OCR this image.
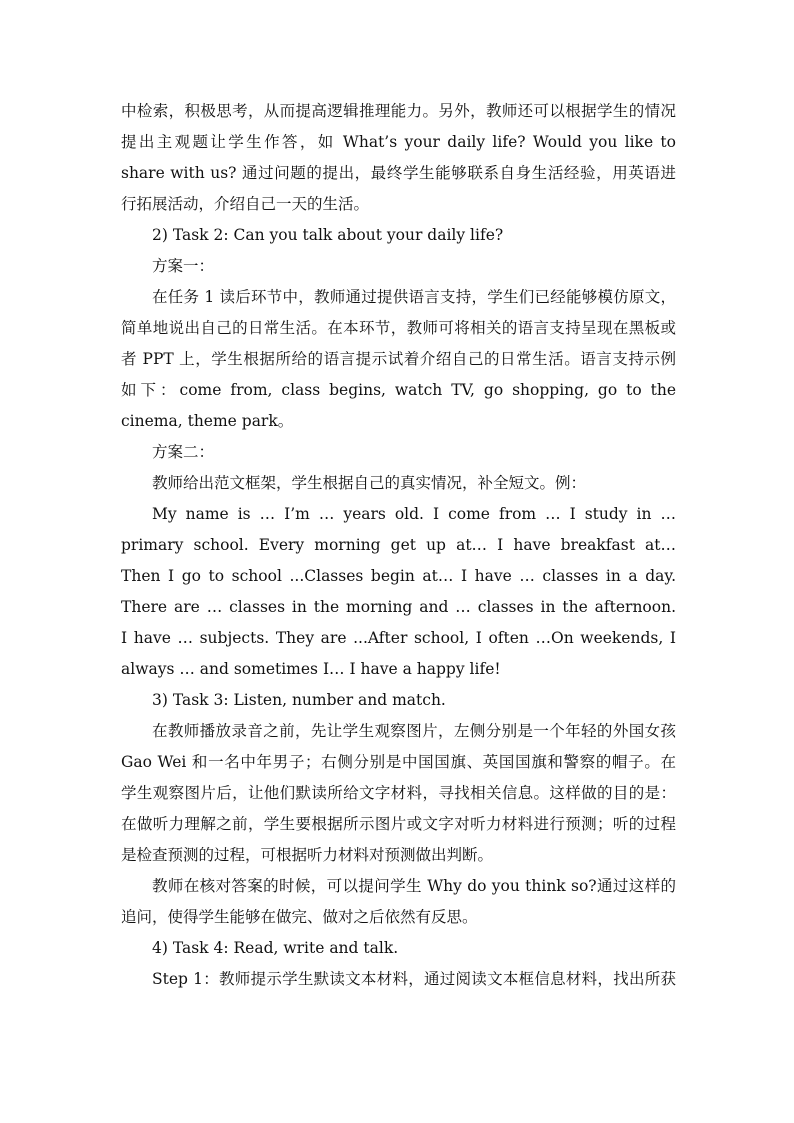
中检索，积极思考，从而提高逻辑推理能力。另外，教师还可以根据学生的情况
提出主观题让学生作答，如 What’s your daily life? Would you like to
share with us? 通过问题的提出，最终学生能够联系自身生活经验，用英语进
行拓展活动，介绍自己一天的生活。
2) Task 2: Can you talk about your daily life?
方案一：
在任务 1 读后环节中，教师通过提供语言支持，学生们已经能够模仿原文，
简单地说出自己的日常生活。在本环节，教师可将相关的语言支持呈现在黑板或
者 PPT 上，学生根据所给的语言提示试着介绍自己的日常生活。语言支持示例
如下：come from, class begins, watch TV, go shopping, go to the
cinema, theme park。
方案二：
教师给出范文框架，学生根据自己的真实情况，补全短文。例：
My name is … I’m … years old. I come from … I study in …
primary school. Every morning get up at… I have breakfast at…
Then I go to school ...Classes begin at… I have … classes in a day.
There are … classes in the morning and … classes in the afternoon.
I have … subjects. They are ...After school, I often …On weekends, I
always … and sometimes I… I have a happy life!
3) Task 3: Listen, number and match.
在教师播放录音之前，先让学生观察图片，左侧分别是一个年轻的外国女孩
Gao Wei 和一名中年男子；右侧分别是中国国旗、英国国旗和警察的帽子。在
学生观察图片后，让他们默读所给文字材料，寻找相关信息。这样做的目的是：
在做听力理解之前，学生要根据所示图片或文字对听力材料进行预测；听的过程
是检查预测的过程，可根据听力材料对预测做出判断。
教师在核对答案的时候，可以提问学生 Why do you think so?通过这样的
追问，使得学生能够在做完、做对之后依然有反思。
4) Task 4: Read, write and talk.
Step 1：教师提示学生默读文本材料，通过阅读文本框信息材料，找出所获
